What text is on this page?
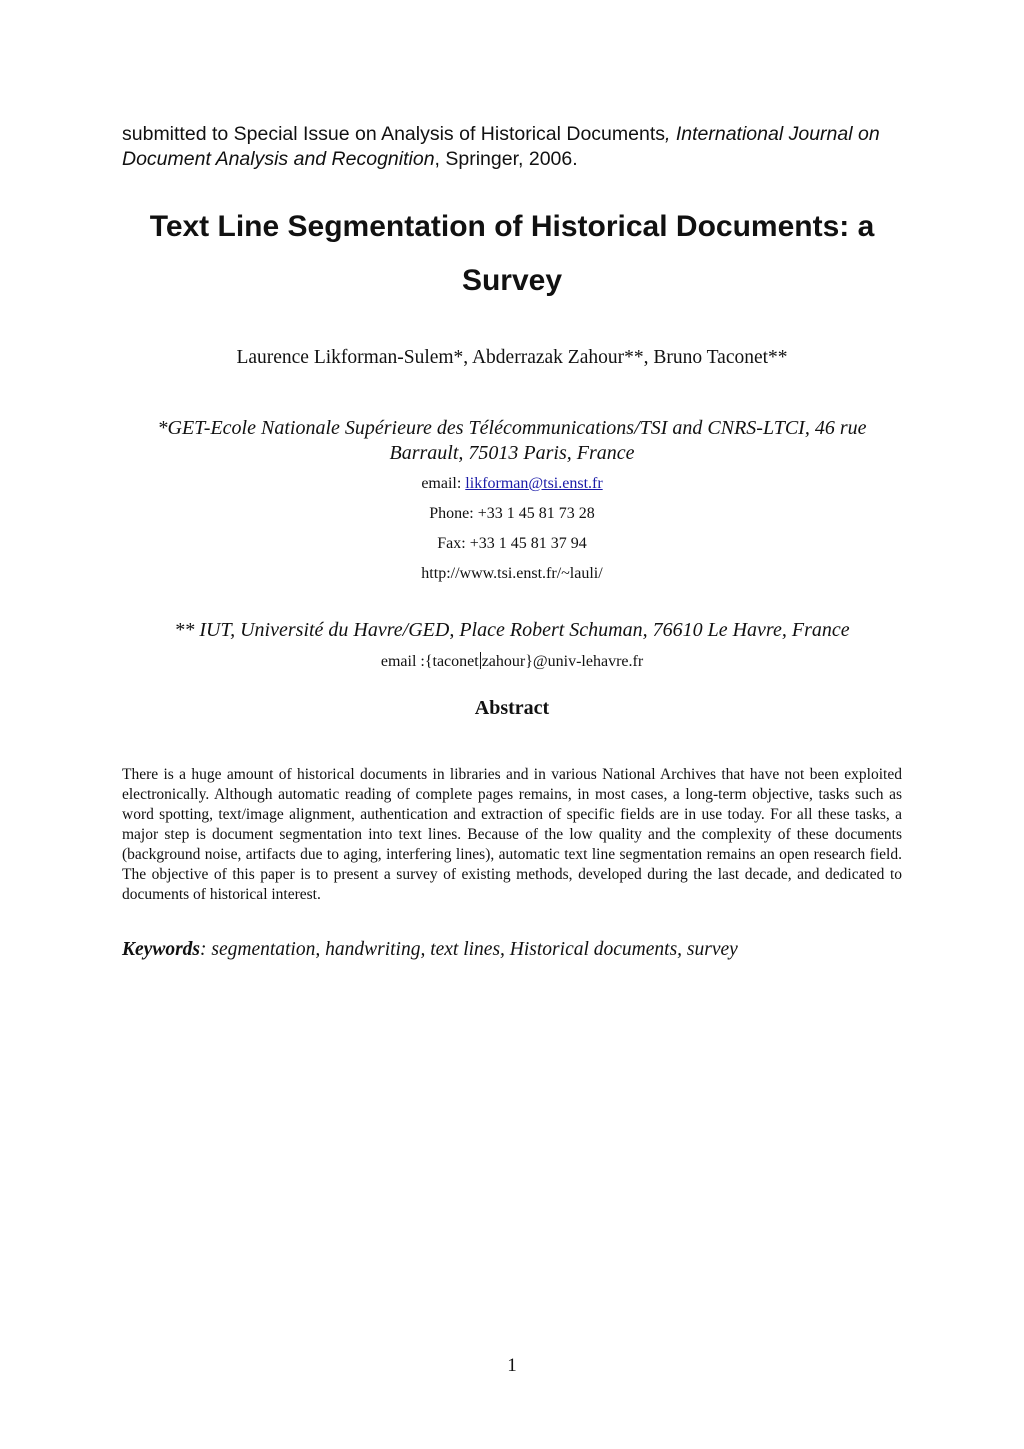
submitted to Special Issue on Analysis of Historical Documents, International Journal on Document Analysis and Recognition, Springer, 2006.
Text Line Segmentation of Historical Documents: a
Survey
Laurence Likforman-Sulem*, Abderrazak Zahour**, Bruno Taconet**
*GET-Ecole Nationale Supérieure des Télécommunications/TSI and CNRS-LTCI, 46 rue
Barrault, 75013 Paris, France
email: likforman@tsi.enst.fr
Phone: +33 1 45 81 73 28
Fax: +33 1 45 81 37 94
http://www.tsi.enst.fr/~lauli/
** IUT, Université du Havre/GED, Place Robert Schuman, 76610 Le Havre, France
email :{taconet zahour}@univ-lehavre.fr
Abstract
There is a huge amount of historical documents in libraries and in various National Archives that have not been exploited electronically. Although automatic reading of complete pages remains, in most cases, a long-term objective, tasks such as word spotting, text/image alignment, authentication and extraction of specific fields are in use today. For all these tasks, a major step is document segmentation into text lines. Because of the low quality and the complexity of these documents (background noise, artifacts due to aging, interfering lines), automatic text line segmentation remains an open research field. The objective of this paper is to present a survey of existing methods, developed during the last decade, and dedicated to documents of historical interest.
Keywords: segmentation, handwriting, text lines, Historical documents, survey
1
